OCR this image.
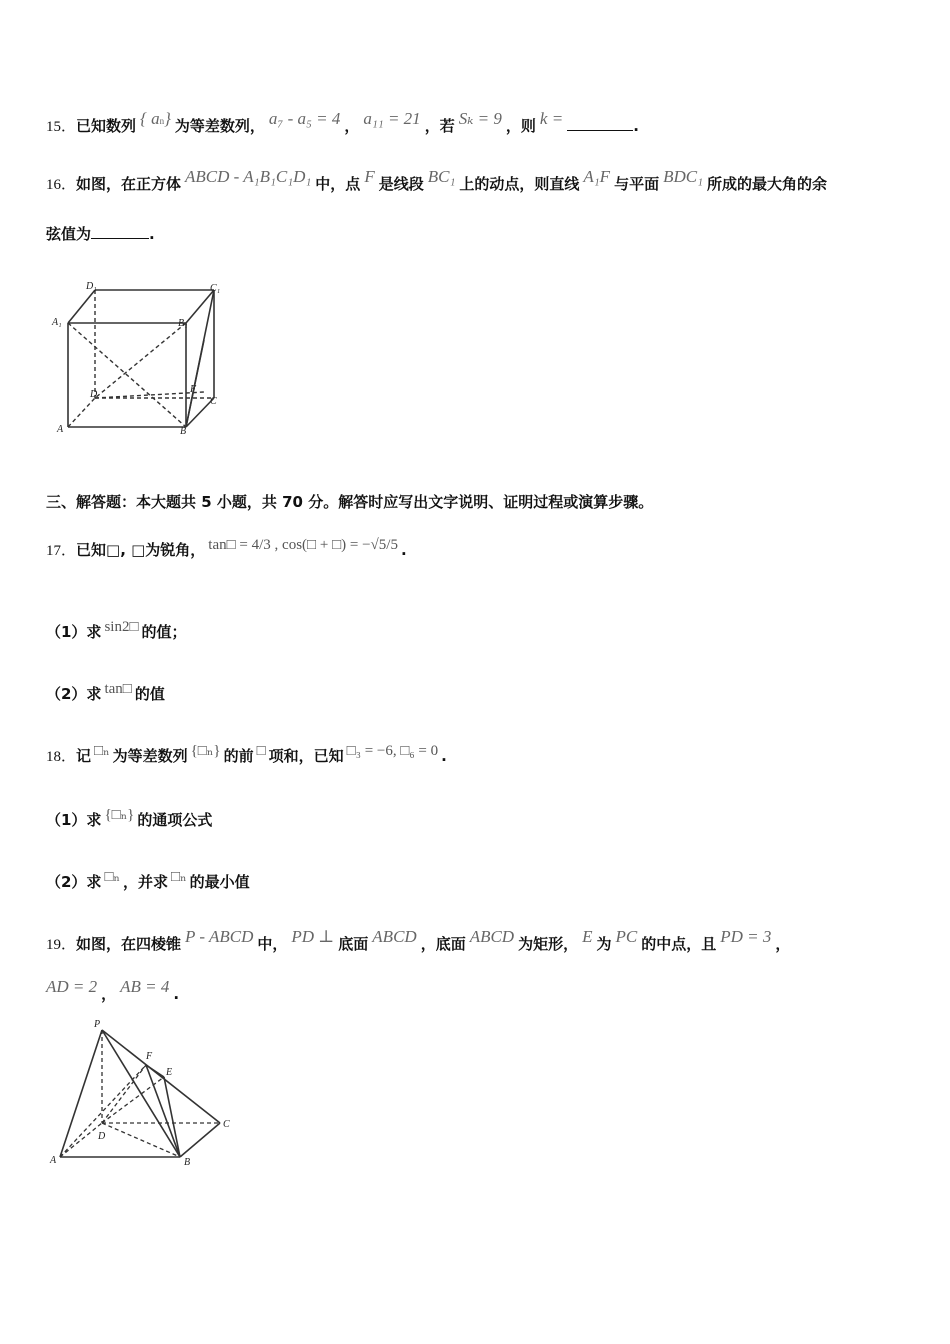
15．已知数列 { an} 为等差数列， a₇ - a₅ = 4 ， a₁₁ = 21 ，若 Sₖ = 9 ，则 k =	.
16．如图，在正方体 ABCD - A₁B₁C₁D₁ 中，点 F 是线段 BC₁ 上的动点，则直线 A₁F 与平面 BDC₁ 所成的最大角的余
弦值为	.
D₁	C₁
A₁	B₁
D	F
C
A	B
三、解答题：本大题共 5 小题，共 70 分。解答时应写出文字说明、证明过程或演算步骤。
17．已知□, □为锐角， tan□ = 4/3 , cos(□ + □) = −√5/5 .
（1）求 sin2□ 的值；
（2）求 tan□ 的值
18．记 □ₙ 为等差数列 {□ₙ} 的前 □ 项和，已知 □₃ = −6, □₆ = 0 .
（1）求 {□ₙ} 的通项公式
（2）求 □ₙ ，并求 □ₙ 的最小值
19．如图，在四棱锥 P - ABCD 中， PD ⊥ 底面 ABCD ，底面 ABCD 为矩形， E 为 PC 的中点，且 PD = 3 ，
AD = 2 ， AB = 4 .
P
F
E
D
C
A	B
